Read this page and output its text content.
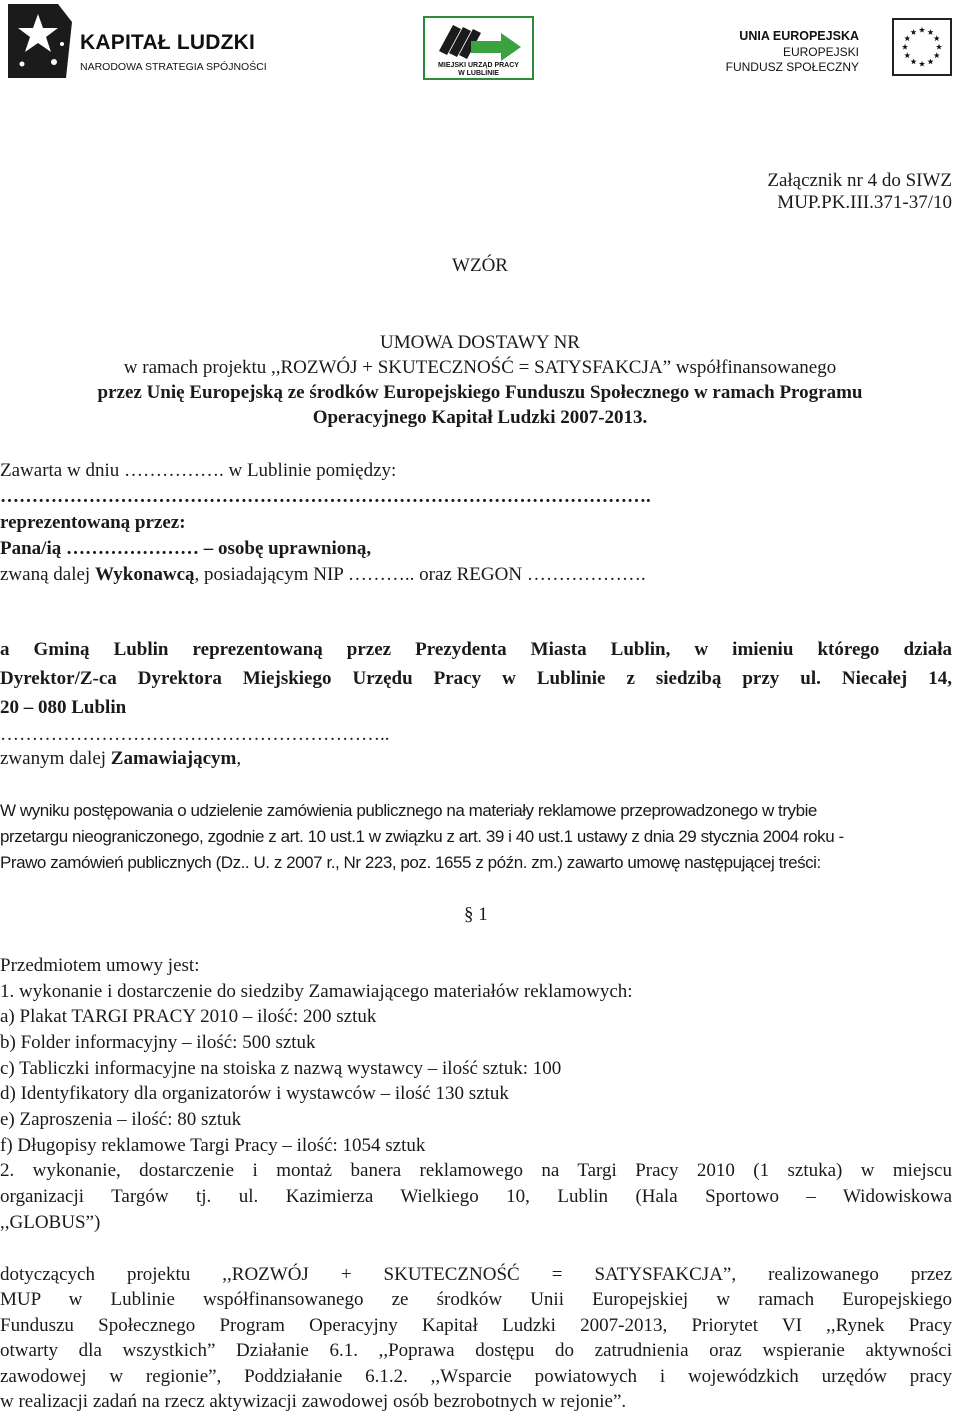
KAPITAŁ LUDZKI
NARODOWA STRATEGIA SPÓJNOŚCI	MIEJSKI URZĄD PRACY
W LUBLINIE
UNIA EUROPEJSKA
EUROPEJSKI
FUNDUSZ SPOŁECZNY
Załącznik nr 4 do SIWZ
MUP.PK.III.371-37/10
WZÓR
UMOWA DOSTAWY NR
w ramach projektu ,,ROZWÓJ + SKUTECZNOŚĆ = SATYSFAKCJA” współfinansowanego
przez Unię Europejską ze środków Europejskiego Funduszu Społecznego w ramach Programu
Operacyjnego Kapitał Ludzki 2007-2013.
Zawarta w dniu ……………. w Lublinie pomiędzy:
………………………………………………………………………………………….
reprezentowaną przez:
Pana/ią ………………… – osobę uprawnioną,
zwaną dalej Wykonawcą, posiadającym NIP ……….. oraz REGON ……………….
a Gminą Lublin reprezentowaną przez Prezydenta Miasta Lublin, w imieniu którego działa
Dyrektor/Z-ca Dyrektora Miejskiego Urzędu Pracy w Lublinie z siedzibą przy ul. Niecałej 14,
20 – 080 Lublin
……………………………………………………..
zwanym dalej Zamawiającym,
W wyniku postępowania o udzielenie zamówienia publicznego na materiały reklamowe przeprowadzonego w trybie
przetargu nieograniczonego, zgodnie z art. 10 ust.1 w związku z art. 39 i 40 ust.1 ustawy z dnia 29 stycznia 2004 roku -
Prawo zamówień publicznych (Dz.. U. z 2007 r., Nr 223, poz. 1655 z późn. zm.) zawarto umowę następującej treści:
§ 1
Przedmiotem umowy jest:
1. wykonanie i dostarczenie do siedziby Zamawiającego materiałów reklamowych:
a) Plakat TARGI PRACY 2010 – ilość: 200 sztuk
b) Folder informacyjny – ilość: 500 sztuk
c) Tabliczki informacyjne na stoiska z nazwą wystawcy – ilość sztuk: 100
d) Identyfikatory dla organizatorów i wystawców – ilość 130 sztuk
e) Zaproszenia – ilość: 80 sztuk
f) Długopisy reklamowe Targi Pracy – ilość: 1054 sztuk
2. wykonanie, dostarczenie i montaż banera reklamowego na Targi Pracy 2010 (1 sztuka) w miejscu
organizacji Targów tj. ul. Kazimierza Wielkiego 10, Lublin (Hala Sportowo – Widowiskowa
,,GLOBUS”)
dotyczących projektu ,,ROZWÓJ + SKUTECZNOŚĆ = SATYSFAKCJA”, realizowanego przez
MUP w Lublinie współfinansowanego ze środków Unii Europejskiej w ramach Europejskiego
Funduszu Społecznego Program Operacyjny Kapitał Ludzki 2007-2013, Priorytet VI ,,Rynek Pracy
otwarty dla wszystkich” Działanie 6.1. ,,Poprawa dostępu do zatrudnienia oraz wspieranie aktywności
zawodowej w regionie”, Poddziałanie 6.1.2. ,,Wsparcie powiatowych i wojewódzkich urzędów pracy
w realizacji zadań na rzecz aktywizacji zawodowej osób bezrobotnych w rejonie”.
